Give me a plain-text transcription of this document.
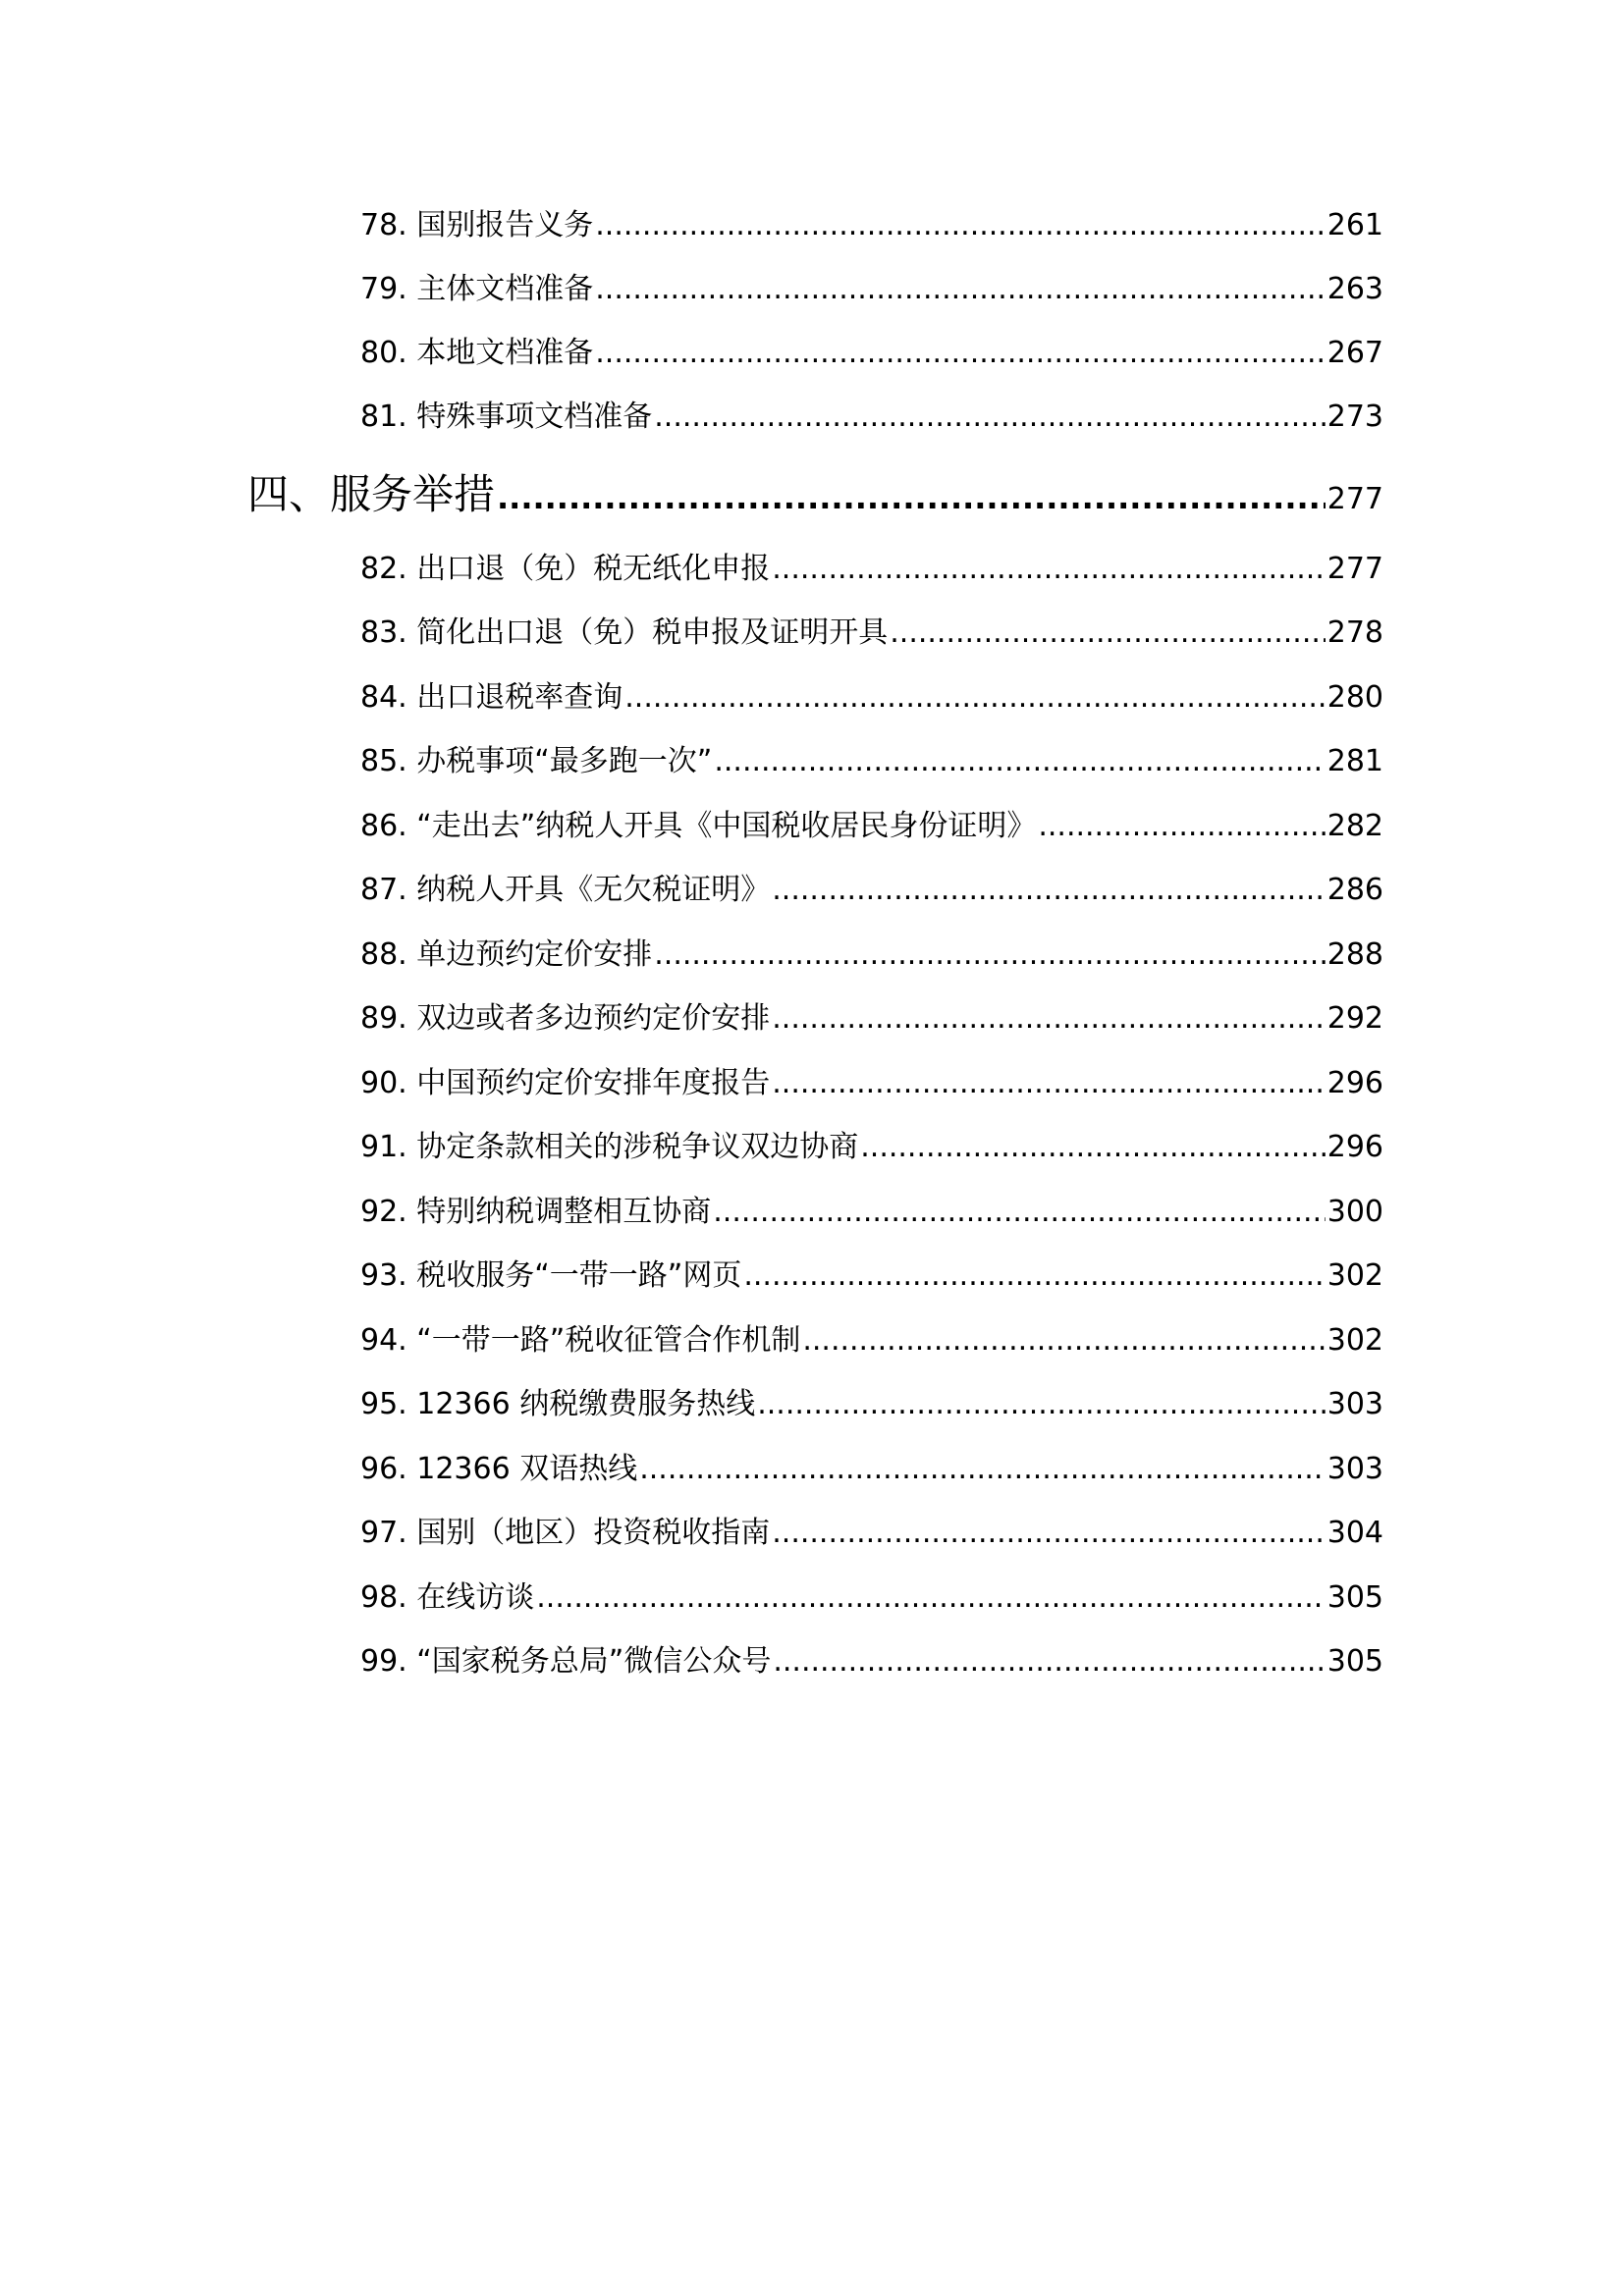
78. 国别报告义务 .....	261
79. 主体文档准备 .....	263
80. 本地文档准备 .....	267
81. 特殊事项文档准备 .....	273
四、服务举措 .....	277
82. 出口退（免）税无纸化申报 .....	277
83. 简化出口退（免）税申报及证明开具 .....	278
84. 出口退税率查询 .....	280
85. 办税事项“最多跑一次” .....	281
86. “走出去”纳税人开具《中国税收居民身份证明》 .....	282
87. 纳税人开具《无欠税证明》 .....	286
88. 单边预约定价安排 .....	288
89. 双边或者多边预约定价安排 .....	292
90. 中国预约定价安排年度报告 .....	296
91. 协定条款相关的涉税争议双边协商 .....	296
92. 特别纳税调整相互协商 .....	300
93. 税收服务“一带一路”网页 .....	302
94. “一带一路”税收征管合作机制 .....	302
95. 12366 纳税缴费服务热线 .....	303
96. 12366 双语热线 .....	303
97. 国别（地区）投资税收指南 .....	304
98. 在线访谈 .....	305
99. “国家税务总局”微信公众号 .....	305
